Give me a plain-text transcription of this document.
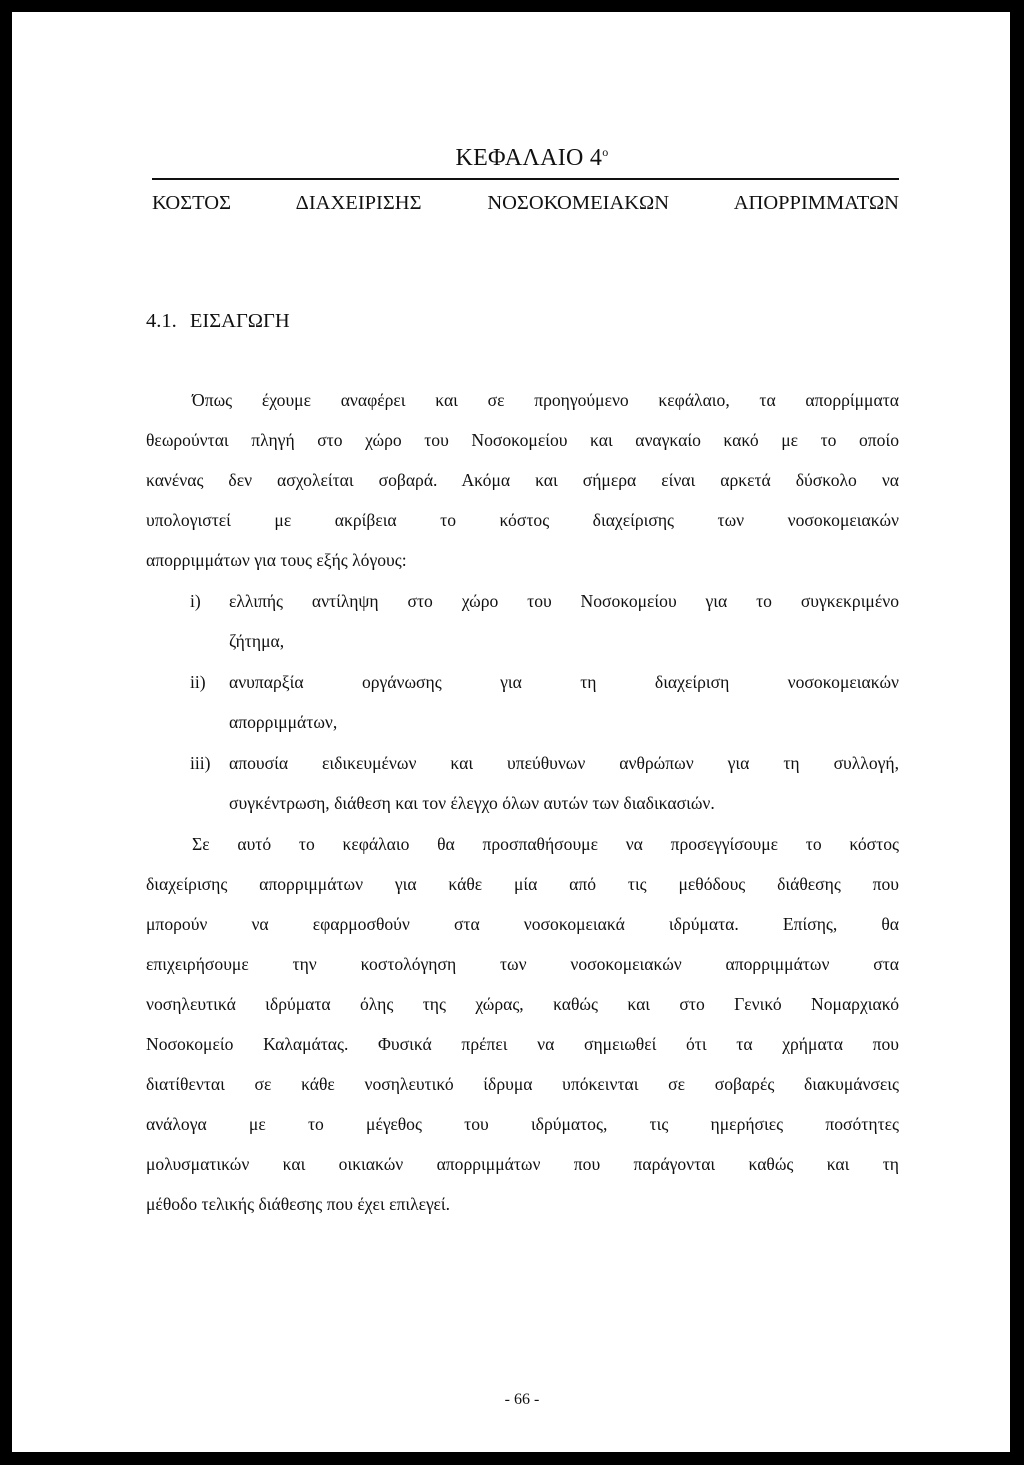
ΚΕΦΑΛΑΙΟ $4^o$
ΚΟΣΤΟΣ ΔΙΑΧΕΙΡΙΣΗΣ ΝΟΣΟΚΟΜΕΙΑΚΩΝ ΑΠΟΡΡΙΜΜΑΤΩΝ
4.1. ΕΙΣΑΓΩΓΗ
Όπως έχουμε αναφέρει και σε προηγούμενο κεφάλαιο, τα απορρίμματα
θεωρούνται πληγή στο χώρο του Νοσοκομείου και αναγκαίο κακό με το οποίο
κανένας δεν ασχολείται σοβαρά. Ακόμα και σήμερα είναι αρκετά δύσκολο να
υπολογιστεί με ακρίβεια το κόστος διαχείρισης των νοσοκομειακών
απορριμμάτων για τους εξής λόγους:
i) ελλιπής αντίληψη στο χώρο του Νοσοκομείου για το συγκεκριμένο
ζήτημα,
ii) ανυπαρξία οργάνωσης για τη διαχείριση νοσοκομειακών
απορριμμάτων,
iii) απουσία ειδικευμένων και υπεύθυνων ανθρώπων για τη συλλογή,
συγκέντρωση, διάθεση και τον έλεγχο όλων αυτών των διαδικασιών.
Σε αυτό το κεφάλαιο θα προσπαθήσουμε να προσεγγίσουμε το κόστος
διαχείρισης απορριμμάτων για κάθε μία από τις μεθόδους διάθεσης που
μπορούν να εφαρμοσθούν στα νοσοκομειακά ιδρύματα. Επίσης, θα
επιχειρήσουμε την κοστολόγηση των νοσοκομειακών απορριμμάτων στα
νοσηλευτικά ιδρύματα όλης της χώρας, καθώς και στο Γενικό Νομαρχιακό
Νοσοκομείο Καλαμάτας. Φυσικά πρέπει να σημειωθεί ότι τα χρήματα που
διατίθενται σε κάθε νοσηλευτικό ίδρυμα υπόκεινται σε σοβαρές διακυμάνσεις
ανάλογα με το μέγεθος του ιδρύματος, τις ημερήσιες ποσότητες
μολυσματικών και οικιακών απορριμμάτων που παράγονται καθώς και τη
μέθοδο τελικής διάθεσης που έχει επιλεγεί.
- 66 -
